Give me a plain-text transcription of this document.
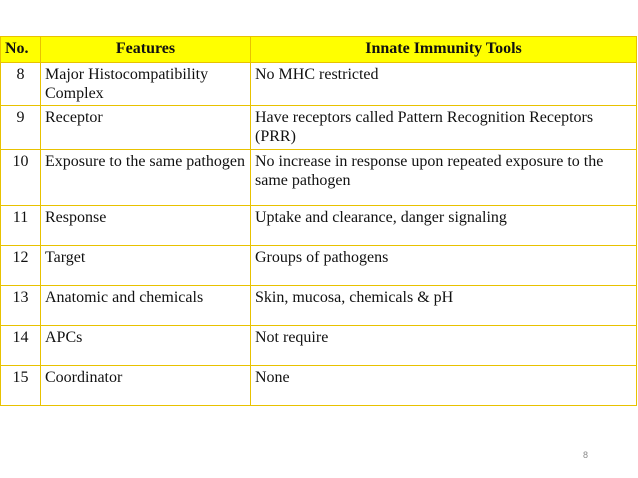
No.	Features	Innate Immunity Tools
8	Major Histocompatibility Complex	No MHC restricted
9	Receptor	Have receptors called Pattern Recognition Receptors (PRR)
10	Exposure to the same pathogen	No increase in response upon repeated exposure to the same pathogen
11	Response	Uptake and clearance, danger signaling
12	Target	Groups of pathogens
13	Anatomic and chemicals	Skin, mucosa, chemicals & pH
14	APCs	Not require
15	Coordinator	None
8
